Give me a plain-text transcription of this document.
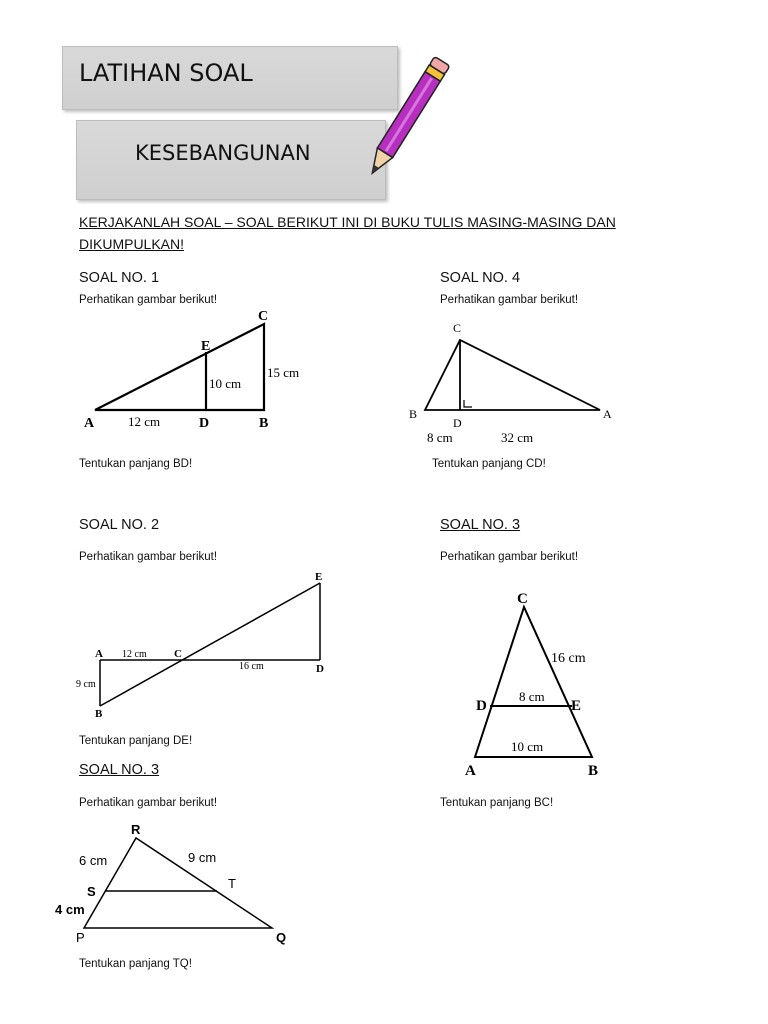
LATIHAN SOAL
KESEBANGUNAN
KERJAKANLAH SOAL – SOAL BERIKUT INI DI BUKU TULIS MASING-MASING DAN DIKUMPULKAN!
SOAL NO. 1
Perhatikan gambar berikut!
A	B
C
D
E
12 cm
10 cm
15 cm
Tentukan panjang BD!
SOAL NO. 4
Perhatikan gambar berikut!
C
B
D
A
8 cm	32 cm
Tentukan panjang CD!
SOAL NO. 2
Perhatikan gambar berikut!
A
B
C
D
E
12 cm
16 cm
9 cm
Tentukan panjang DE!
SOAL NO. 3
Perhatikan gambar berikut!
C
D	E
A	B
16 cm
8 cm
10 cm
Tentukan panjang BC!
SOAL NO. 3
Perhatikan gambar berikut!
R
S
T
P	Q
6 cm	9 cm
4 cm
Tentukan panjang TQ!
